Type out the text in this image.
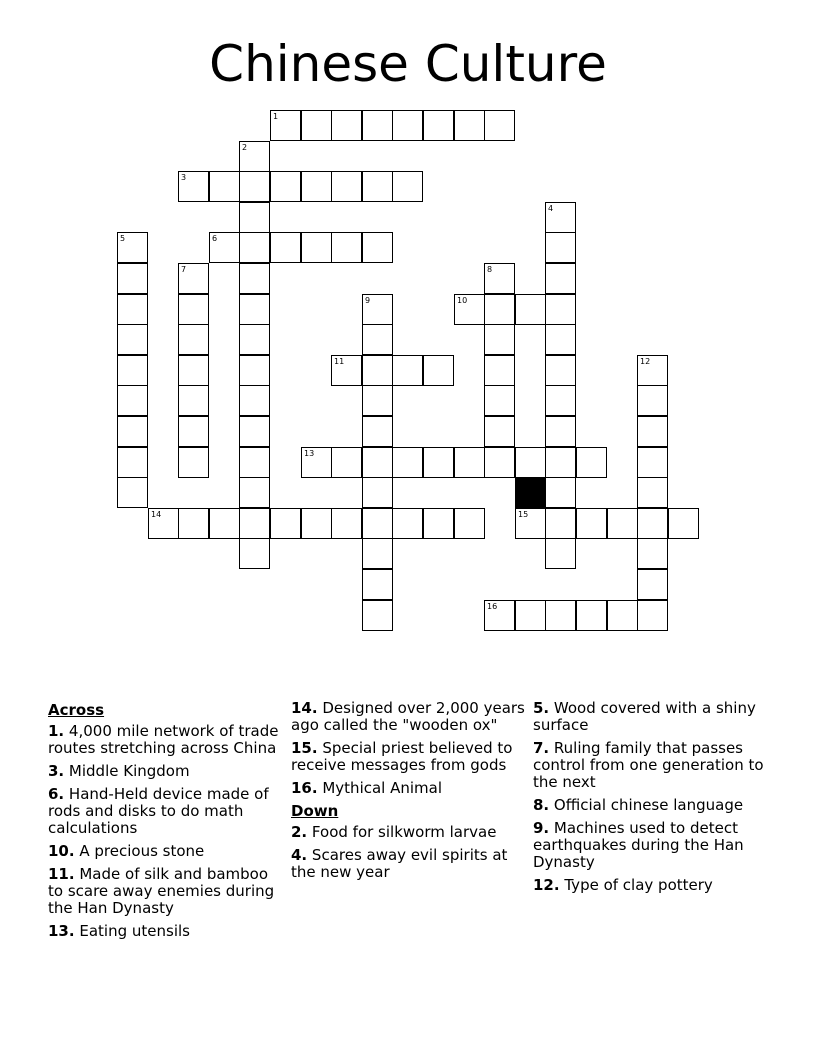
Chinese Culture
1
2
3
4
5	6
7	8
9	10
11	12
13
14	15
16
Across
1. 4,000 mile network of trade routes stretching across China
3. Middle Kingdom
6. Hand-Held device made of rods and disks to do math calculations
10. A precious stone
11. Made of silk and bamboo to scare away enemies during the Han Dynasty
13. Eating utensils
14. Designed over 2,000 years ago called the "wooden ox"
15. Special priest believed to receive messages from gods
16. Mythical Animal
Down
2. Food for silkworm larvae
4. Scares away evil spirits at the new year
5. Wood covered with a shiny surface
7. Ruling family that passes control from one generation to the next
8. Official chinese language
9. Machines used to detect earthquakes during the Han Dynasty
12. Type of clay pottery
